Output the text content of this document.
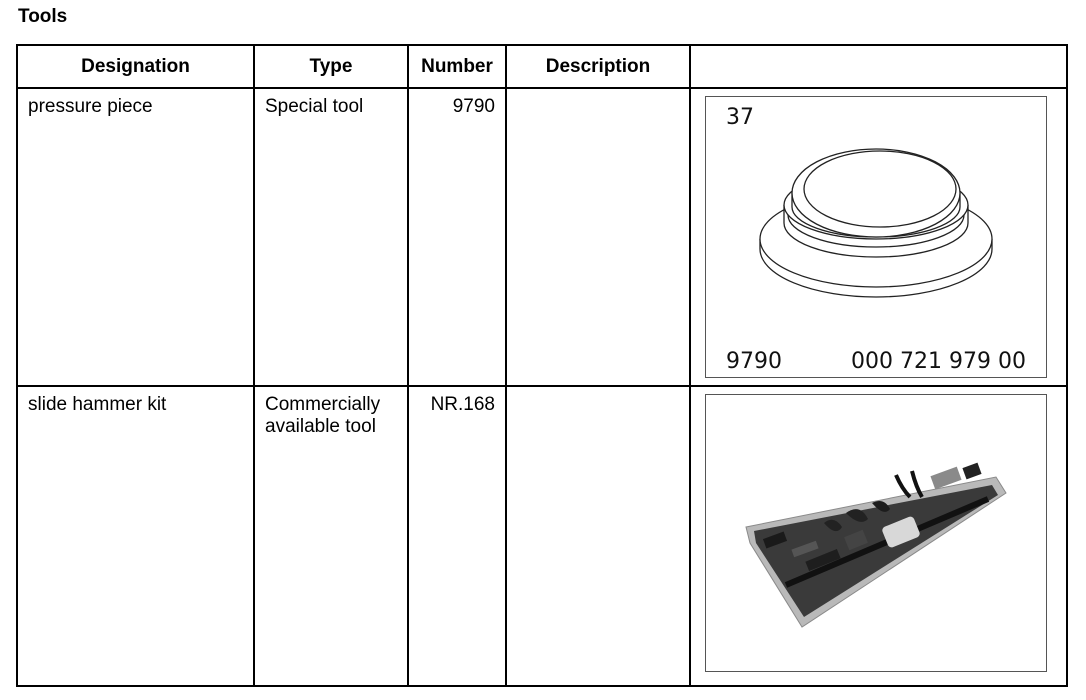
Tools
Designation	Type	Number	Description	
pressure piece	Special tool	9790		37
9790 000 721 979 00

slide hammer kit	Commercially available tool	NR.168		
